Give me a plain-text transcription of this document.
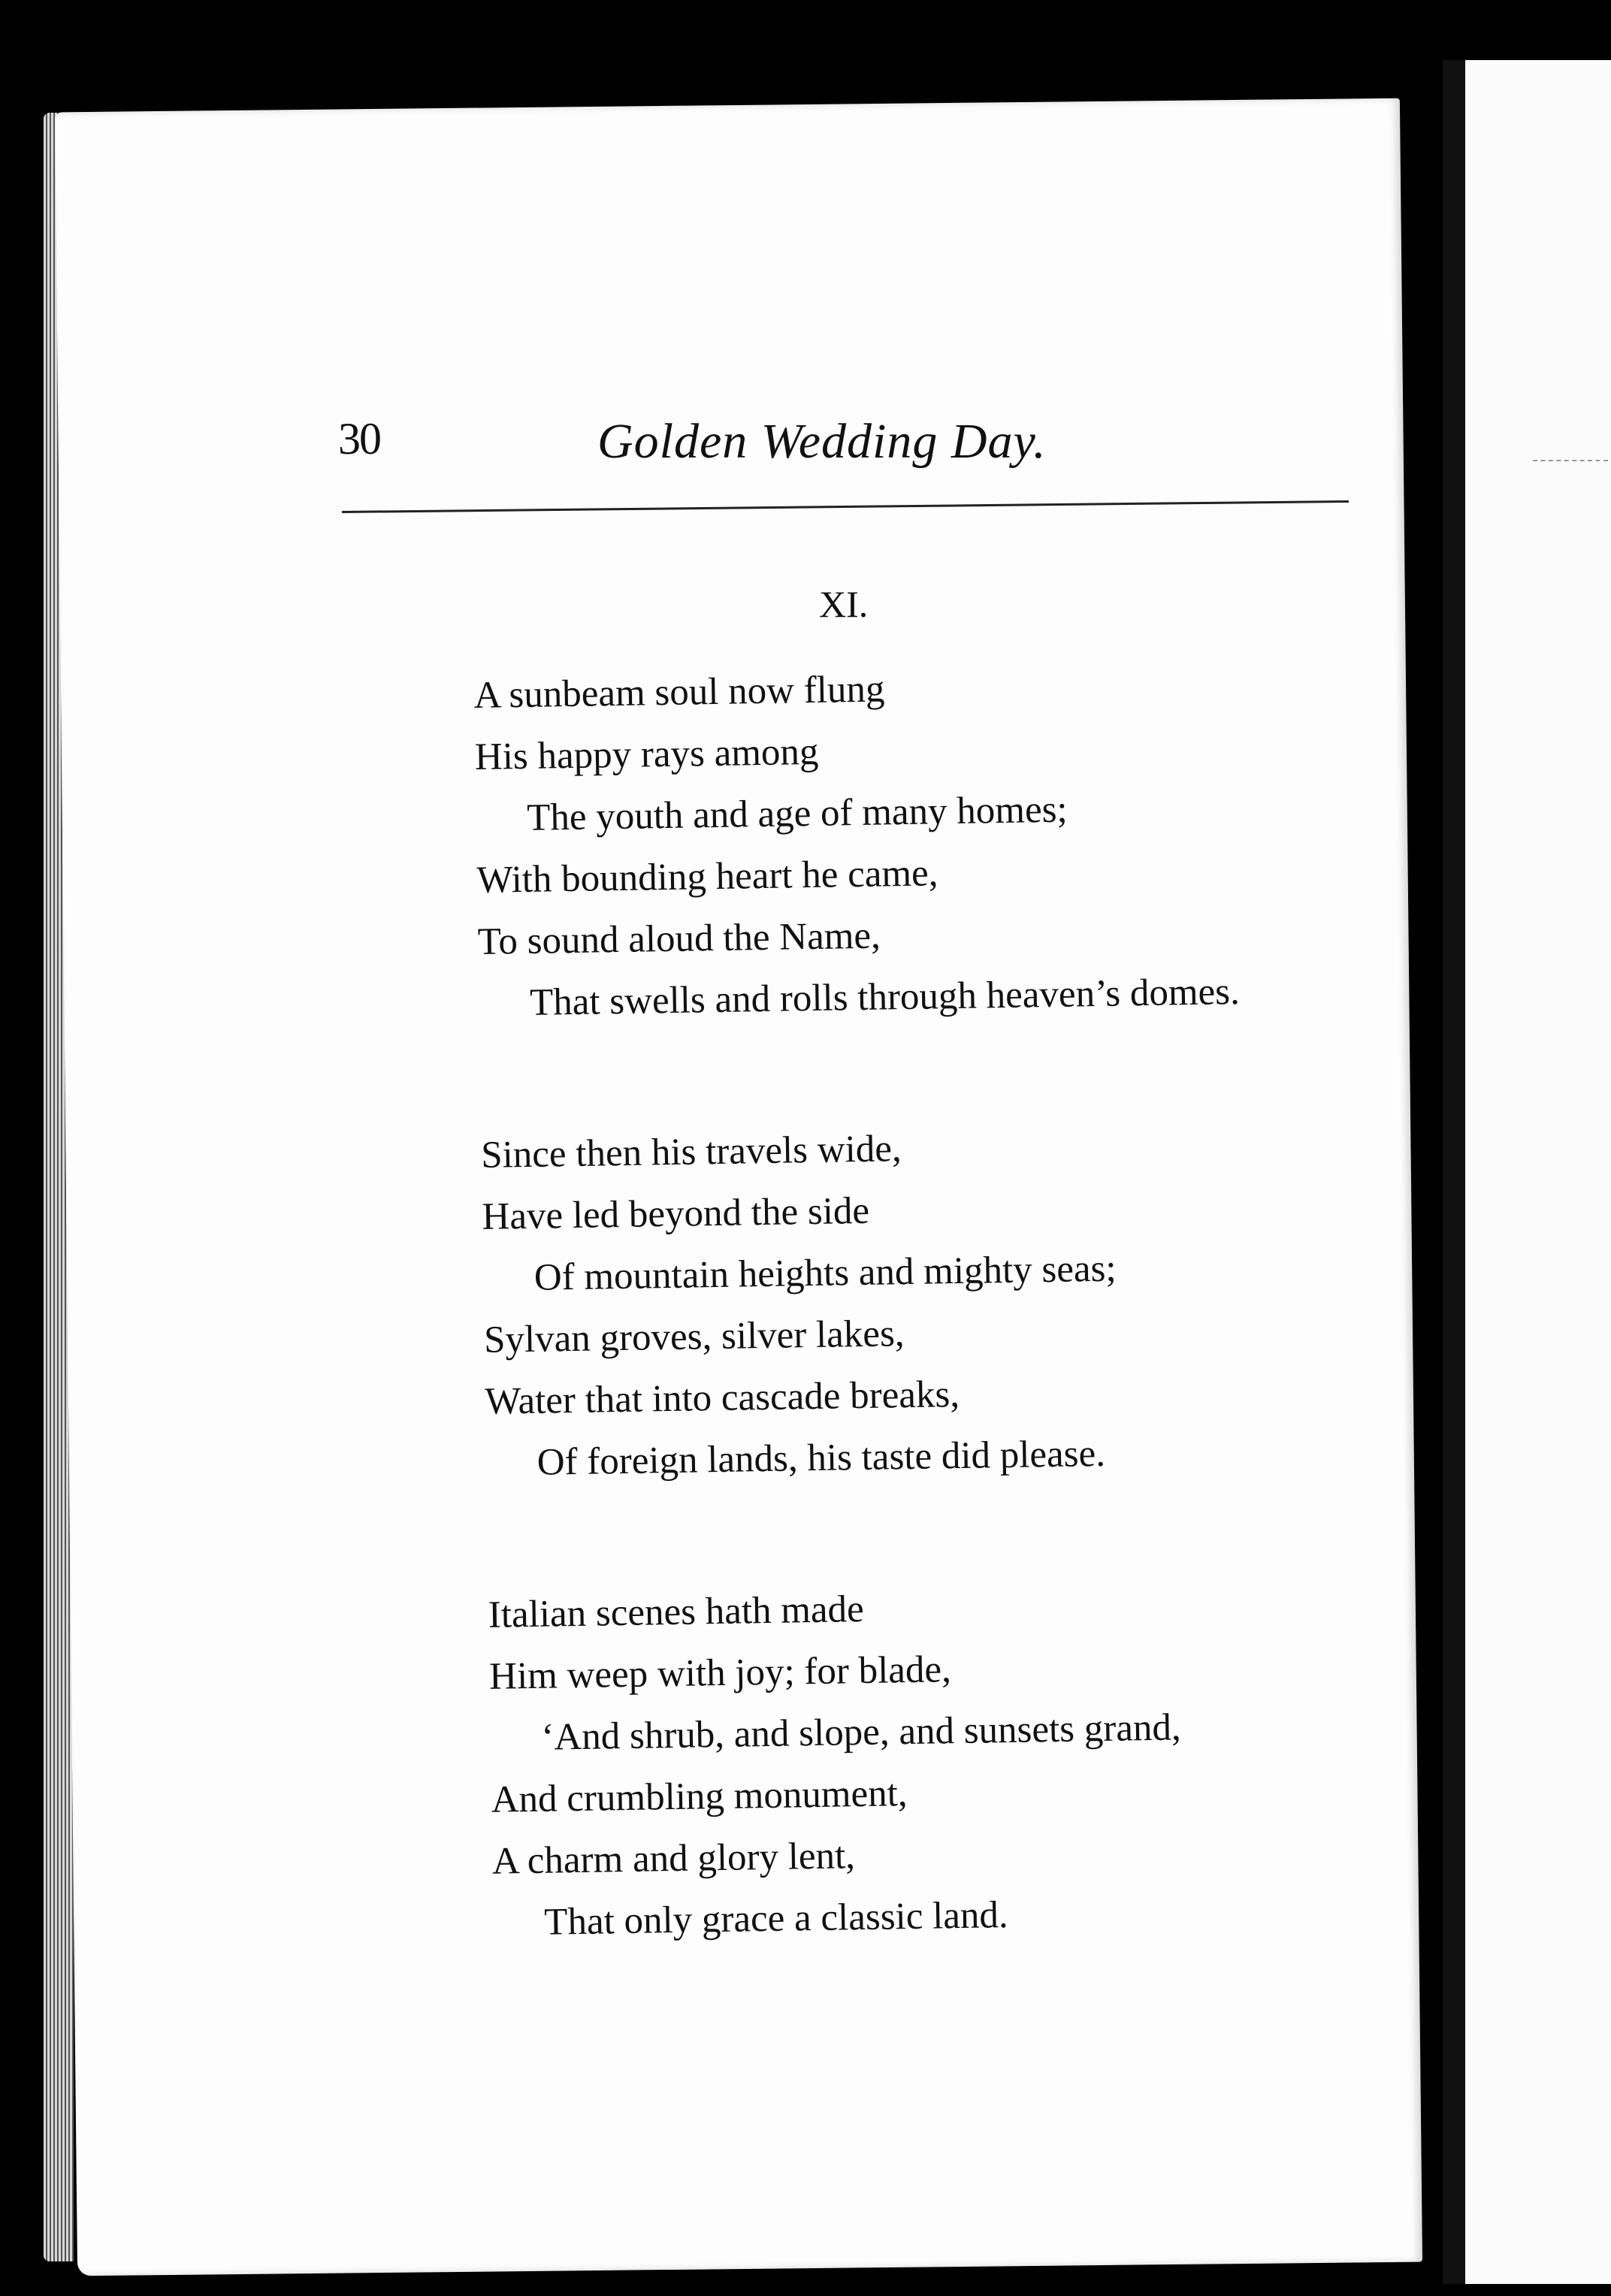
30	Golden Wedding Day.
XI.
A sunbeam soul now flung
His happy rays among
The youth and age of many homes;
With bounding heart he came,
To sound aloud the Name,
That swells and rolls through heaven’s domes.
Since then his travels wide,
Have led beyond the side
Of mountain heights and mighty seas;
Sylvan groves, silver lakes,
Water that into cascade breaks,
Of foreign lands, his taste did please.
Italian scenes hath made
Him weep with joy; for blade,
‘And shrub, and slope, and sunsets grand,
And crumbling monument,
A charm and glory lent,
That only grace a classic land.
